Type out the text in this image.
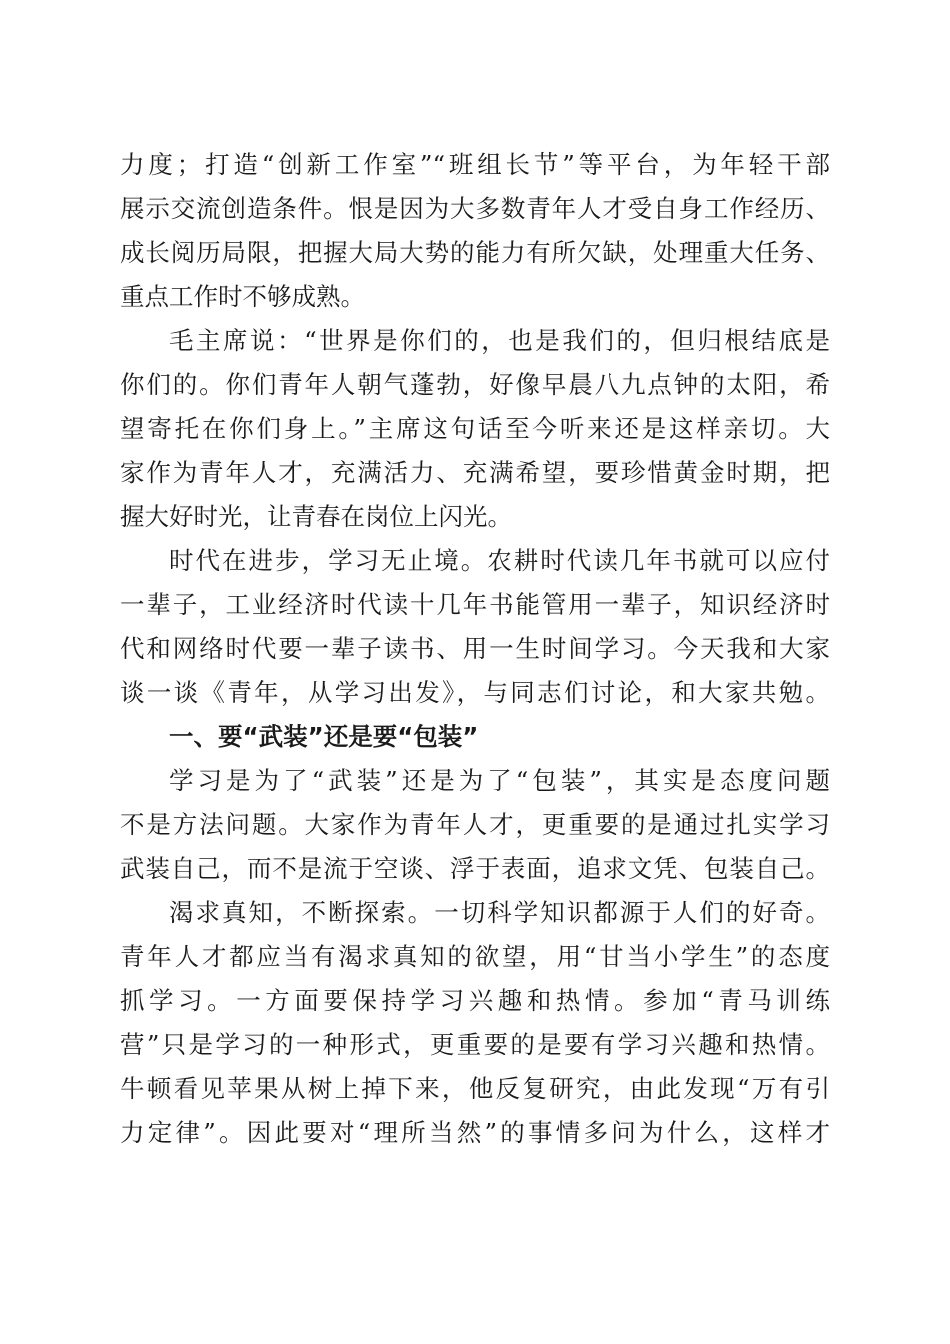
力度；打造“创新工作室”“班组长节”等平台，为年轻干部
展示交流创造条件。恨是因为大多数青年人才受自身工作经历、
成长阅历局限，把握大局大势的能力有所欠缺，处理重大任务、
重点工作时不够成熟。
毛主席说：“世界是你们的，也是我们的，但归根结底是
你们的。你们青年人朝气蓬勃，好像早晨八九点钟的太阳，希
望寄托在你们身上。”主席这句话至今听来还是这样亲切。大
家作为青年人才，充满活力、充满希望，要珍惜黄金时期，把
握大好时光，让青春在岗位上闪光。
时代在进步，学习无止境。农耕时代读几年书就可以应付
一辈子，工业经济时代读十几年书能管用一辈子，知识经济时
代和网络时代要一辈子读书、用一生时间学习。今天我和大家
谈一谈《青年，从学习出发》，与同志们讨论，和大家共勉。
一、要“武装”还是要“包装”
学习是为了“武装”还是为了“包装”，其实是态度问题
不是方法问题。大家作为青年人才，更重要的是通过扎实学习
武装自己，而不是流于空谈、浮于表面，追求文凭、包装自己。
渴求真知，不断探索。一切科学知识都源于人们的好奇。
青年人才都应当有渴求真知的欲望，用“甘当小学生”的态度
抓学习。一方面要保持学习兴趣和热情。参加“青马训练
营”只是学习的一种形式，更重要的是要有学习兴趣和热情。
牛顿看见苹果从树上掉下来，他反复研究，由此发现“万有引
力定律”。因此要对“理所当然”的事情多问为什么，这样才
